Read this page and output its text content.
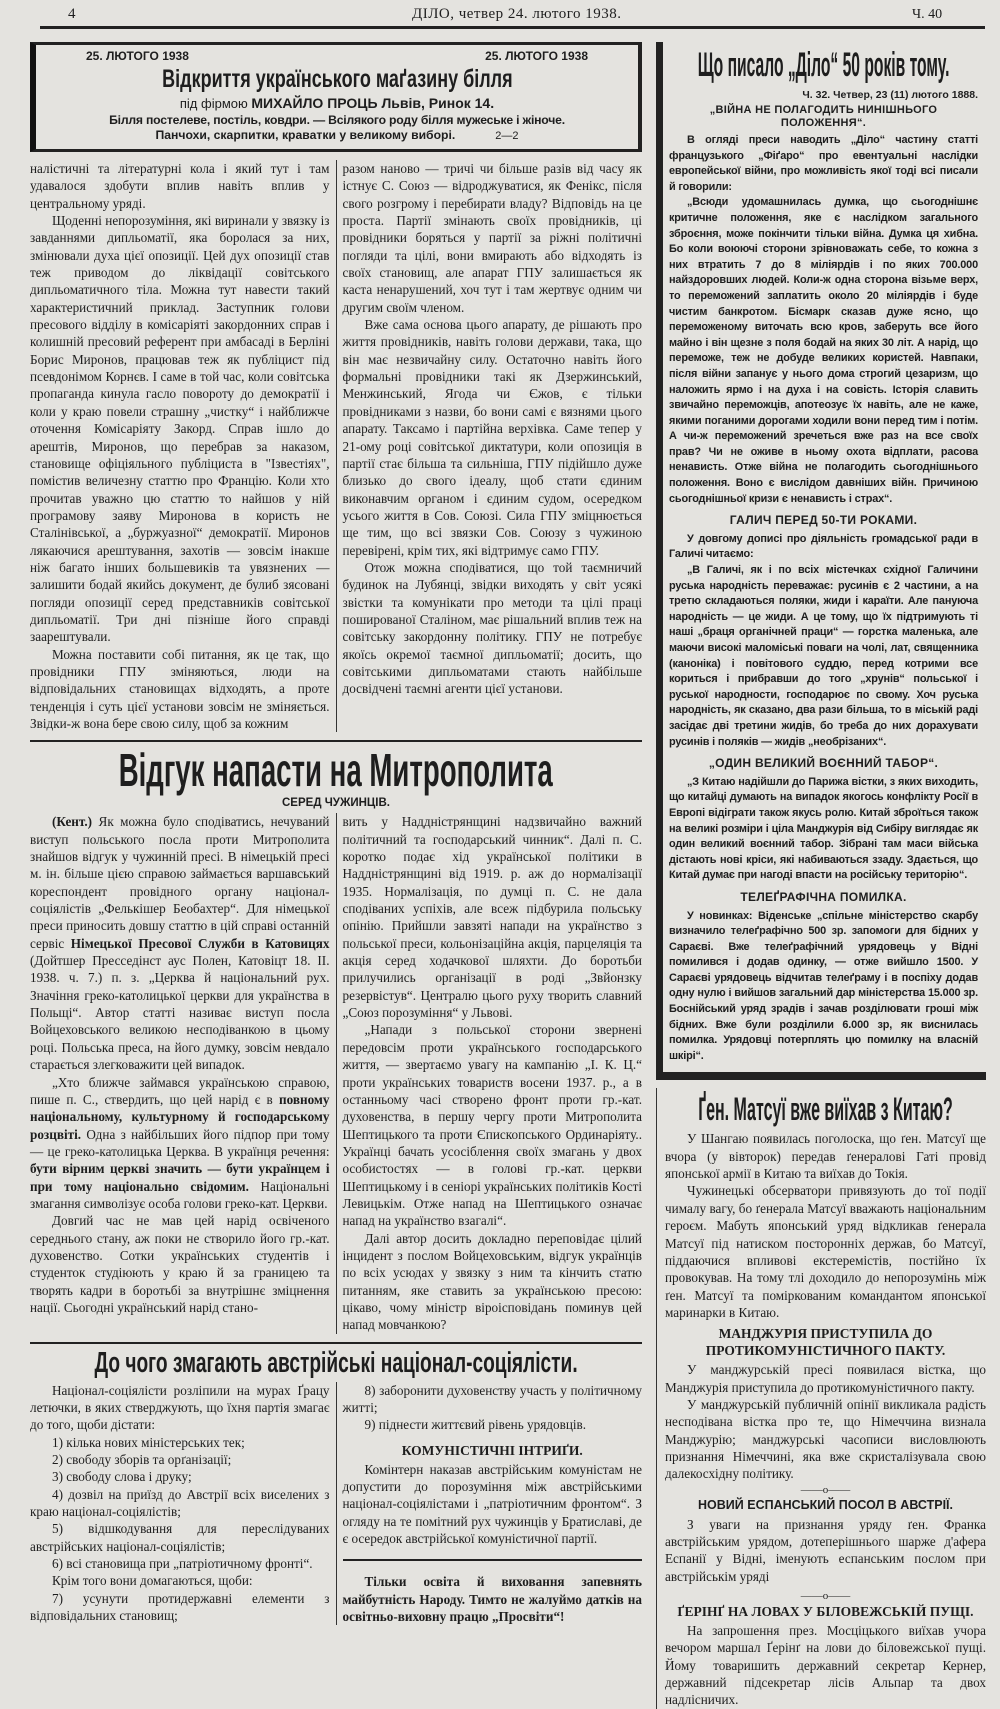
4	ДІЛО, четвер 24. лютого 1938.	Ч. 40
25. ЛЮТОГО 1938	25. ЛЮТОГО 1938
Відкриття українського маґазину білля
під фірмою МИХАЙЛО ПРОЦЬ Львів, Ринок 14.
Білля постелеве, постіль, ковдри. — Всілякого роду білля мужеське і жіноче.
Панчохи, скарпитки, краватки у великому виборі.	2—2

налістичні та літературні кола і який тут і там удавалося здобути вплив навіть вплив у центральному уряді.

Щоденні непорозуміння, які виринали у звязку із завданнями дипльоматії, яка боролася за них, змінювали духа цієї опозиції. Цей дух опозиції став теж приводом до ліквідації совітського дипльоматичного тіла. Можна тут навести такий характеристичний приклад. Заступник голови пресового відділу в комісаріяті закордонних справ і колишній пресовий референт при амбасаді в Берліні Борис Миронов, працював теж як публіцист під псевдонімом Корнєв. І саме в той час, коли совітська пропаганда кинула гасло повороту до демократії і коли у краю повели страшну „чистку“ і найближче оточення Комісаріяту Закорд. Справ ішло до арештів, Миронов, що перебрав за наказом, становище офіціяльного публіциста в "Ізвестіях", помістив величезну статтю про Францію. Коли хто прочитав уважно цю статтю то найшов у ній програмову заяву Миронова в користь не Сталінівської, а „буржуазної“ демократії. Миронов лякаючися арештування, захотів — зовсім інакше ніж багато інших большевиків та увязнених — залишити бодай якийсь документ, де булиб зясовані погляди опозиції серед представників совітської дипльоматії. Три дні пізніше його справді заарештували.

Можна поставити собі питання, як це так, що провідники ГПУ зміняються, люди на відповідальних становищах відходять, а проте тенденція і суть цієї установи зовсім не зміняється. Звідки-ж вона бере свою силу, щоб за кожним

разом наново — тричі чи більше разів від часу як істнує С. Союз — відроджуватися, як Фенікс, після свого розгрому і перебирати владу? Відповідь на це проста. Партії змінають своїх провідників, ці провідники боряться у партії за ріжні політичні погляди та цілі, вони вмирають або відходять із своїх становищ, але апарат ГПУ залишається як каста ненарушений, хоч тут і там жертвує одним чи другим своїм членом.

Вже сама основа цього апарату, де рішають про життя провідників, навіть голови держави, така, що він має незвичайну силу. Остаточно навіть його формальні провідники такі як Дзержинський, Менжинський, Ягода чи Єжов, є тільки провідниками з назви, бо вони самі є вязнями цього апарату. Таксамо і партійна верхівка. Саме тепер у 21-ому році совітської диктатури, коли опозиція в партії стає більша та сильніша, ГПУ підійшло дуже близько до свого ідеалу, щоб стати єдиним виконавчим органом і єдиним судом, осередком усього життя в Сов. Союзі. Сила ГПУ зміцнюється ще тим, що всі звязки Сов. Союзу з чужиною перевірені, крім тих, які відтримує само ГПУ.

Отож можна сподіватися, що той таємничий будинок на Лубянці, звідки виходять у світ усякі звістки та комунікати про методи та цілі праці пошированої Сталіном, має рішальний вплив теж на совітську закордонну політику. ГПУ не потребує якоїсь окремої таємної дипльоматії; досить, що совітськими дипльоматами стають найбільше досвідчені таємні агенти цієї установи.

Відгук напасти на Митрополита
СЕРЕД ЧУЖИНЦІВ.

(Кент.) Як можна було сподіватись, нечуваний виступ польського посла проти Митрополита знайшов відгук у чужинній пресі. В німецькій пресі м. ін. більше цією справою займається варшавський кореспондент провідного органу націонал-соціялістів „Фелькішер Беобахтер“. Для німецької преси приносить довшу статтю в цій справі останній сервіс Німецької Пресової Служби в Катовицях (Дойтшер Пресседінст аус Полен, Катовіцт 18. II. 1938. ч. 7.) п. з. „Церква й національний рух. Значіння греко-католицької церкви для українства в Польщі“. Автор статті називає виступ посла Войцеховського великою несподіванкою в цьому році. Польська преса, на його думку, зовсім невдало старається злегковажити цей випадок.

„Хто ближче займався українською справою, пише п. С., ствердить, що цей нарід є в повному національному, культурному й господарському розцвіті. Одна з найбільших його підпор при тому — це греко-католицька Церква. В українця речення: бути вірним церкві значить — бути українцем і при тому національно свідомим. Національні змагання символізує особа голови греко-кат. Церкви.

Довгий час не мав цей нарід освіченого середнього стану, аж поки не створило його гр.-кат. духовенство. Сотки українських студентів і студенток студіюють у краю й за границею та творять кадри в боротьбі за внутрішнє зміцнення нації. Сьогодні український нарід стано-

вить у Наддністрянщині надзвичайно важний політичний та господарський чинник“. Далі п. С. коротко подає хід української політики в Наддністрянщині від 1919. р. аж до нормалізації 1935. Нормалізація, по думці п. С. не дала сподіваних успіхів, але всеж підбурила польську опінію. Прийшли завзяті напади на українство з польської преси, кольонізаційна акція, парцеляція та акція серед ходачкової шляхти. До боротьби прилучились організації в роді „Звйонзку резервістув“. Централю цього руху творить славний „Союз порозуміння“ у Львові.

„Напади з польської сторони звернені передовсім проти українського господарського життя, — звертаємо увагу на кампанію „І. К. Ц.“ проти українських товариств восени 1937. р., а в останньому часі створено фронт проти гр.-кат. духовенства, в першу чергу проти Митрополита Шептицького та проти Єпископського Ординаріяту.. Українці бачать усосіблення своїх змагань у двох особистостях — в голові гр.-кат. церкви Шептицькому і в сеніорі українських політиків Кості Левицькім. Отже напад на Шептицького означає напад на українство взагалі“.

Далі автор досить докладно переповідає цілий інцидент з послом Войцеховським, відгук українців по всіх усюдах у звязку з ним та кінчить статю питанням, яке ставить за українською пресою: цікаво, чому міністр віроісповідань поминув цей напад мовчанкою?

До чого змагають австрійські націонал-соціялісти.

Націонал-соціялісти розліпили на мурах Ґрацу летючки, в яких стверджують, що їхня партія змагає до того, щоби дістати:

1) кілька нових міністерських тек;

2) свободу зборів та орґанізації;

3) свободу слова і друку;

4) дозвіл на приїзд до Австрії всіх виселених з краю націонал-соціялістів;

5) відшкодування для переслідуваних австрійських націонал-соціялістів;

6) всі становища при „патріотичному фронті“.

Крім того вони домагаються, щоби:

7) усунути протидержавні елементи з відповідальних становищ;

8) заборонити духовенству участь у політичному житті;

9) піднести життєвий рівень урядовців.

КОМУНІСТИЧНІ ІНТРИҐИ.

Комінтерн наказав австрійським комуністам не допустити до порозуміння між австрійськими націонал-соціялістами і „патріотичним фронтом“. З огляду на те помітний рух чужинців у Братиславі, де є осередок австрійської комуністичної партії.

Тільки освіта й виховання запевнять майбутність Народу. Тимто не жалуймо датків на освітньо-виховну працю „Просвіти“!

Що писало „Діло“ 50 років тому.
Ч. 32. Четвер, 23 (11) лютого 1888.
„ВІЙНА НЕ ПОЛАГОДИТЬ НИНІШНЬОГО ПОЛОЖЕННЯ“.

В огляді преси наводить „Діло“ частину статті французького „Фіґаро“ про евентуальні наслідки европейської війни, про можливість якої тоді всі писали й говорили:

„Всюди удомашнилась думка, що сьогоднішнє критичне положення, яке є наслідком загального зброєння, може покінчити тільки війна. Думка ця хибна. Бо коли воюючі сторони зрівноважать себе, то кожна з них втратить 7 до 8 міліярдів і по яких 700.000 найздоровших людей. Коли-ж одна сторона візьме верх, то переможений заплатить около 20 міліярдів і буде чистим банкротом. Бісмарк сказав дуже ясно, що переможеному виточать всю кров, заберуть все його майно і він щезне з поля бодай на яких 30 літ. А нарід, що переможе, теж не добуде великих користей. Навпаки, після війни запанує у нього дома строгий цезаризм, що наложить ярмо і на духа і на совість. Історія славить звичайно переможців, апотеозує їх навіть, але не каже, якими поганими дорогами ходили вони перед тим і потім. А чи-ж переможений зречеться вже раз на все своїх прав? Чи не оживе в ньому охота відплати, расова ненависть. Отже війна не полагодить сьогоднішнього положення. Воно є вислідом давніших війн. Причиною сьогоднішньої кризи є ненависть і страх“.

ГАЛИЧ ПЕРЕД 50-ТИ РОКАМИ.

У довгому дописі про діяльність громадської ради в Галичі читаємо:

„В Галичі, як і по всіх містечках східної Галичини руська народність переважає: русинів є 2 частини, а на третю складаються поляки, жиди і караїти. Але пануюча народність — це жиди. А це тому, що їх підтримують ті наші „браця органічней праци“ — горстка маленька, але маючи високі маломіські поваги на чолі, лат, священника (каноніка) і повітового суддю, перед котрими все кориться і прибравши до того „хрунів“ польської і руської народности, господарює по свому. Хоч руська народність, як сказано, два рази більша, то в міській раді засідає дві третини жидів, бо треба до них дорахувати русинів і поляків — жидів „необрізаних“.

„ОДИН ВЕЛИКИЙ ВОЄННИЙ ТАБОР“.

„З Китаю надійшли до Парижа вістки, з яких виходить, що китайці думають на випадок якогось конфлікту Росії в Европі відіграти також якусь ролю. Китай зброїться також на великі розміри і ціла Манджурія від Сибіру виглядає як один великий воєнний табор. Зібрані там маси війська дістають нові кріси, які набиваються ззаду. Здається, що Китай думає при нагоді впасти на російську територію“.

ТЕЛЕҐРАФІЧНА ПОМИЛКА.

У новинках: Віденське „спільне міністерство скарбу визначило телеґрафічно 500 зр. запомоги для бідних у Сараєві. Вже телеґрафічний урядовець у Відні помилився і додав одинку, — отже вийшло 1500. У Сараєві урядовець відчитав телеґраму і в поспіху додав одну нулю і вийшов загальний дар міністерства 15.000 зр. Боснійський уряд зрадів і зачав розділювати гроші між бідних. Вже були розділили 6.000 зр, як виснилась помилка. Урядовці потерплять цю помилку на власній шкірі“.

Ґен. Матсуї вже виїхав з Китаю?

У Шангаю появилась поголоска, що ґен. Матсуї ще вчора (у вівторок) передав ґенералові Гаті провід японської армії в Китаю та виїхав до Токія.

Чужинецькі обсерватори привязують до тої події чималу вагу, бо ґенерала Матсуї вважають національним героєм. Мабуть японський уряд відкликав ґенерала Матсуї під натиском посторонніх держав, бо Матсуї, піддаючися впливові екстеремістів, постійно їх провокував. На тому тлі доходило до непорозумінь між ґен. Матсуї та поміркованим командантом японської маринарки в Китаю.

МАНДЖУРІЯ ПРИСТУПИЛА ДО ПРОТИКОМУНІСТИЧНОГО ПАКТУ.

У манджурській пресі появилася вістка, що Манджурія приступила до протикомуністичного пакту.

У манджурській публичній опінії викликала радість несподівана вістка про те, що Німеччина визнала Манджурію; манджурські часописи висловлюють признання Німеччині, яка вже скристалізувала свою далекосхідну політику.

——o——
НОВИЙ ЕСПАНСЬКИЙ ПОСОЛ В АВСТРІЇ.

З уваги на признання уряду ґен. Франка австрійським урядом, дотеперішнього шарже д'афера Еспанії у Відні, іменують еспанським послом при австрійськім уряді

——o——
ҐЕРІНҐ НА ЛОВАХ У БІЛОВЕЖСЬКІЙ ПУЩІ.

На запрошення през. Мосціцького виїхав учора вечором маршал Ґерінґ на лови до біловежської пущі. Йому товаришить державний секретар Кернер, державний підсекретар лісів Альпар та двох надлісничих.
